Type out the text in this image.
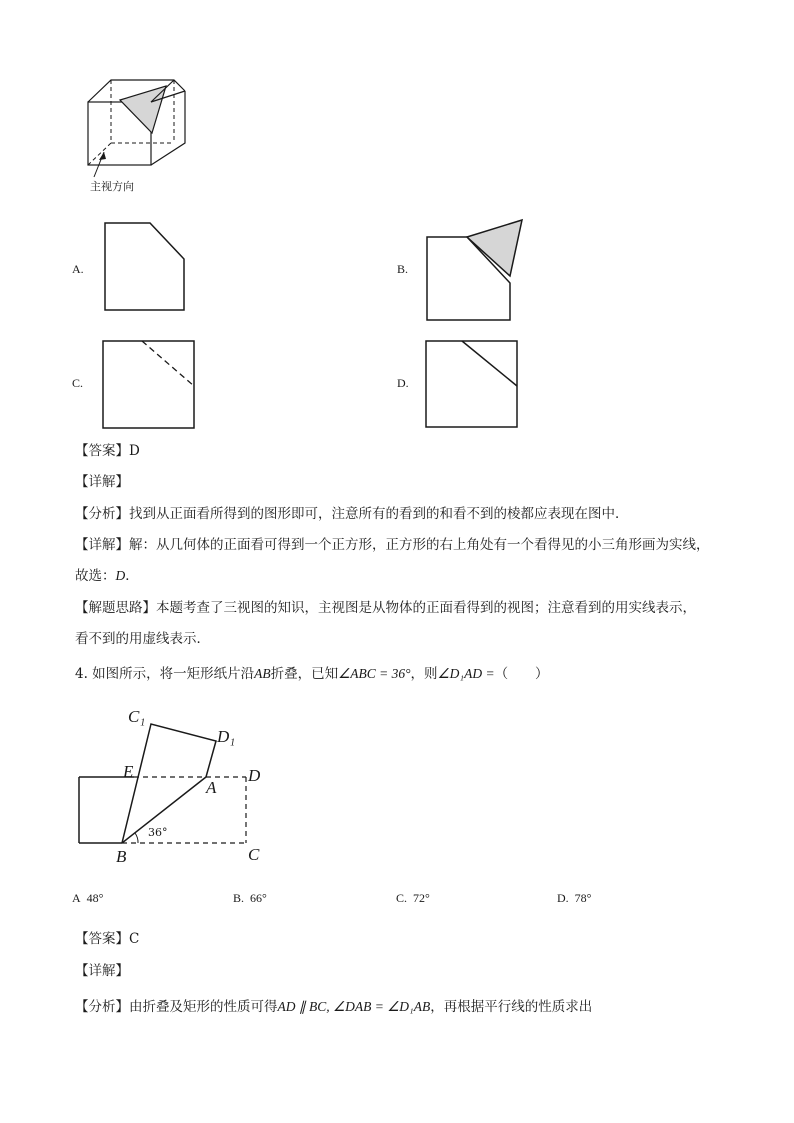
主视方向
A.	B.
C.	D.
【答案】D
【详解】
【分析】找到从正面看所得到的图形即可，注意所有的看到的和看不到的棱都应表现在图中．
【详解】解：从几何体的正面看可得到一个正方形，正方形的右上角处有一个看得见的小三角形画为实线，
故选：D．
【解题思路】本题考查了三视图的知识，主视图是从物体的正面看得到的视图；注意看到的用实线表示，
看不到的用虚线表示．
4. 如图所示，将一矩形纸片沿AB折叠，已知∠ABC = 36°，则∠D₁AD =（　　）
C₁
D₁
E
A
D
B	C
36°
A 48°	B. 66°	C. 72°	D. 78°
【答案】C
【详解】
【分析】由折叠及矩形的性质可得AD ∥ BC, ∠DAB = ∠D₁AB，再根据平行线的性质求出
